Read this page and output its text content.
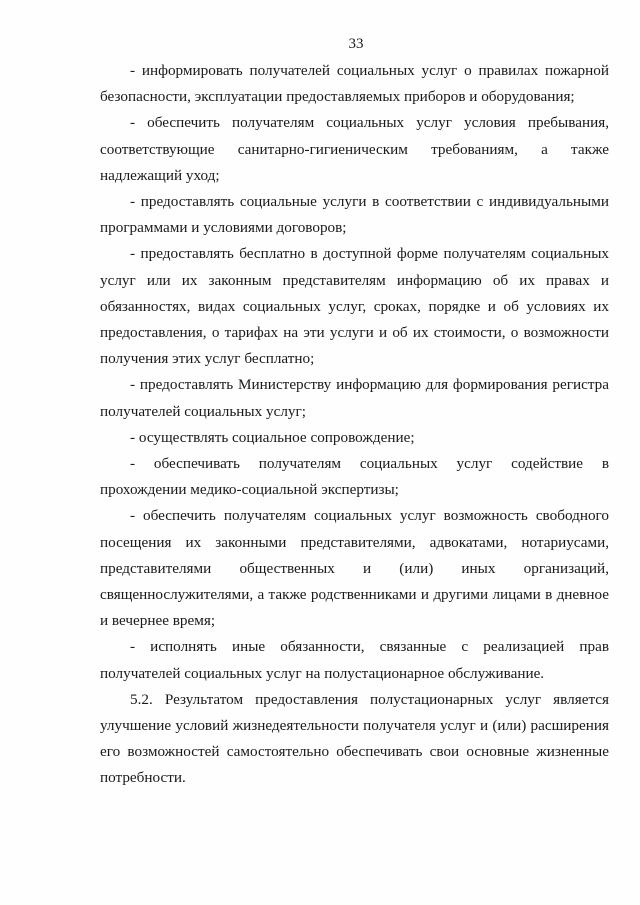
33

- информировать получателей социальных услуг о правилах пожарной безопасности, эксплуатации предоставляемых приборов и оборудования;

- обеспечить получателям социальных услуг условия пребывания, соответствующие санитарно-гигиеническим требованиям, а также надлежащий уход;

- предоставлять социальные услуги в соответствии с индивидуальными программами и условиями договоров;

- предоставлять бесплатно в доступной форме получателям социальных услуг или их законным представителям информацию об их правах и обязанностях, видах социальных услуг, сроках, порядке и об условиях их предоставления, о тарифах на эти услуги и об их стоимости, о возможности получения этих услуг бесплатно;

- предоставлять Министерству информацию для формирования регистра получателей социальных услуг;

- осуществлять социальное сопровождение;

- обеспечивать получателям социальных услуг содействие в прохождении медико-социальной экспертизы;

- обеспечить получателям социальных услуг возможность свободного посещения их законными представителями, адвокатами, нотариусами, представителями общественных и (или) иных организаций, священнослужителями, а также родственниками и другими лицами в дневное и вечернее время;

- исполнять иные обязанности, связанные с реализацией прав получателей социальных услуг на полустационарное обслуживание.

5.2. Результатом предоставления полустационарных услуг является улучшение условий жизнедеятельности получателя услуг и (или) расширения его возможностей самостоятельно обеспечивать свои основные жизненные потребности.
